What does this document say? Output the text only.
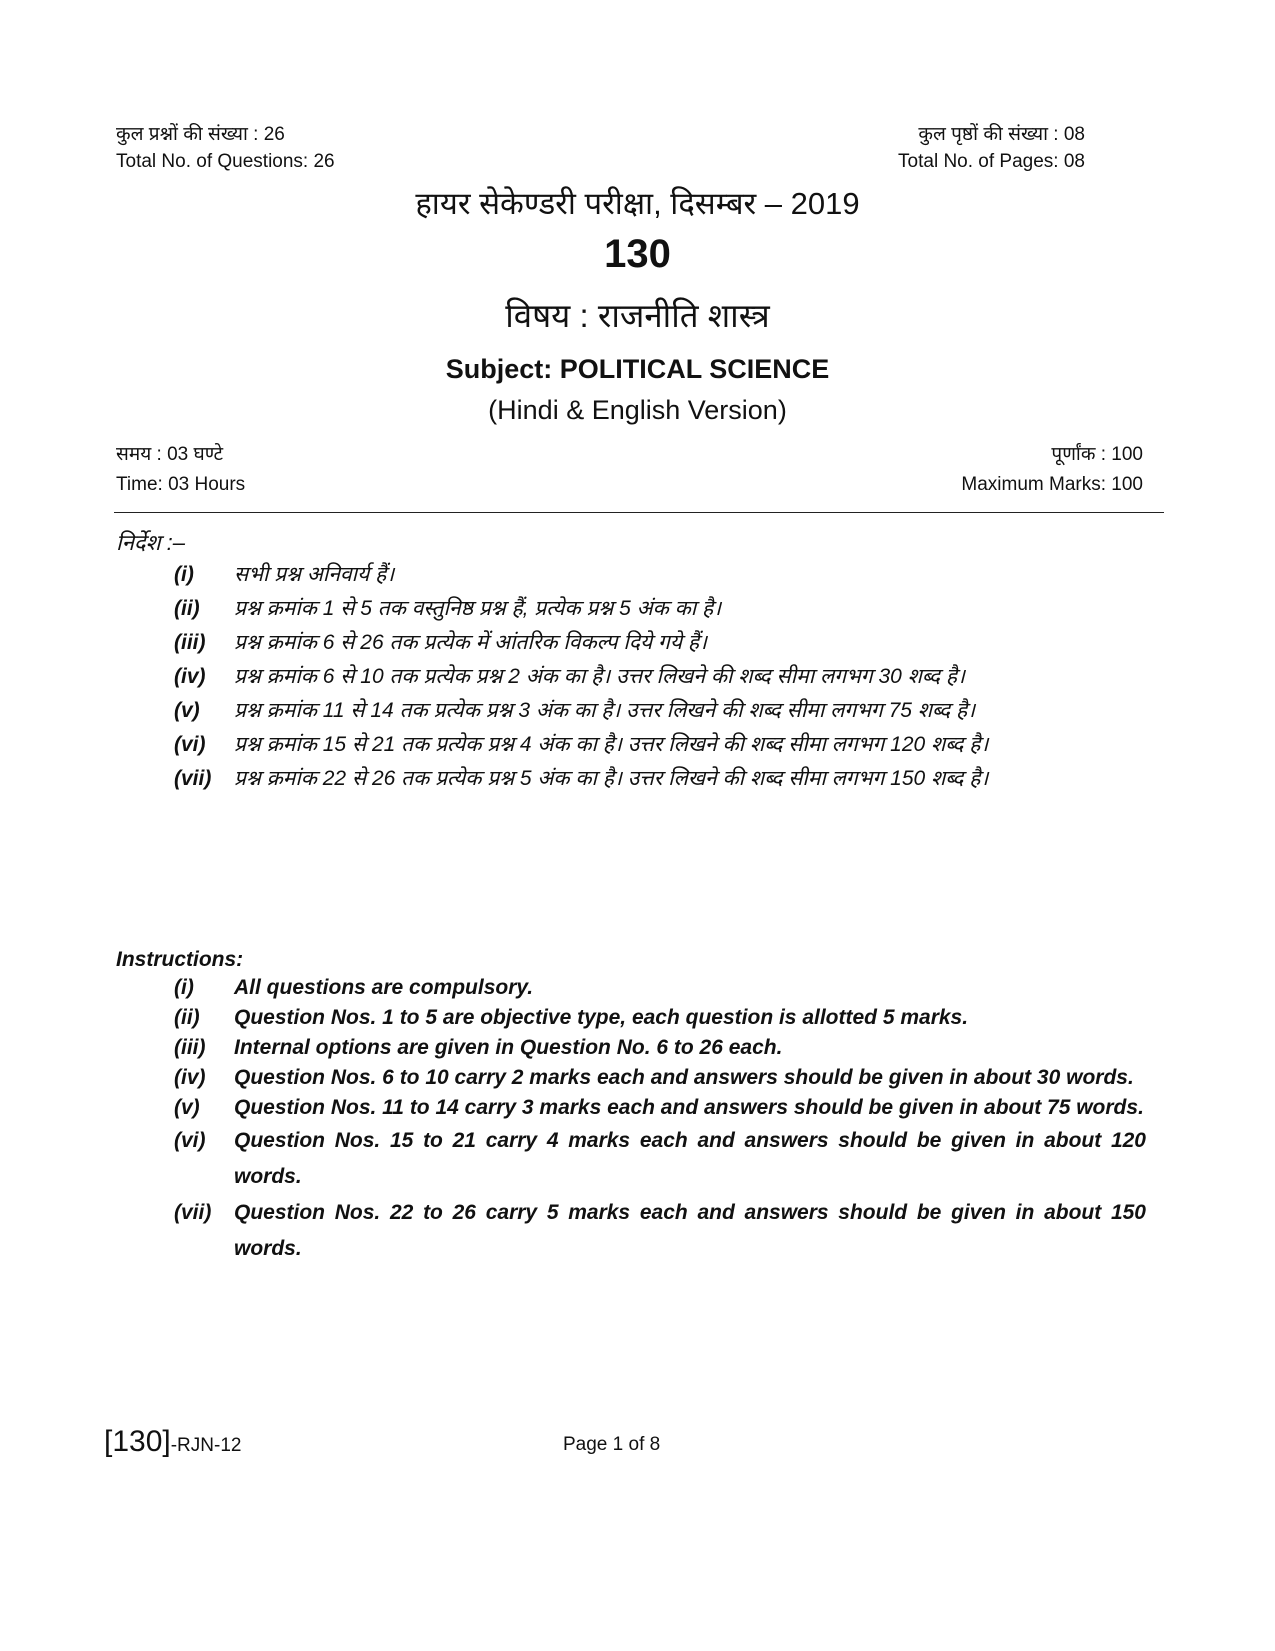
कुल प्रश्नों की संख्या : 26
Total No. of Questions: 26
कुल पृष्ठों की संख्या : 08
Total No. of Pages: 08
हायर सेकेण्डरी परीक्षा, दिसम्बर – 2019
130
विषय : राजनीति शास्त्र
Subject: POLITICAL SCIENCE
(Hindi & English Version)
समय : 03 घण्टे
Time: 03 Hours
पूर्णांक : 100
Maximum Marks: 100
निर्देश :–
(i)	सभी प्रश्न अनिवार्य हैं।
(ii)	प्रश्न क्रमांक 1 से 5 तक वस्तुनिष्ठ प्रश्न हैं, प्रत्येक प्रश्न 5 अंक का है।
(iii)	प्रश्न क्रमांक 6 से 26 तक प्रत्येक में आंतरिक विकल्प दिये गये हैं।
(iv)	प्रश्न क्रमांक 6 से 10 तक प्रत्येक प्रश्न 2 अंक का है। उत्तर लिखने की शब्द सीमा लगभग 30 शब्द है।
(v)	प्रश्न क्रमांक 11 से 14 तक प्रत्येक प्रश्न 3 अंक का है। उत्तर लिखने की शब्द सीमा लगभग 75 शब्द है।
(vi)	प्रश्न क्रमांक 15 से 21 तक प्रत्येक प्रश्न 4 अंक का है। उत्तर लिखने की शब्द सीमा लगभग 120 शब्द है।
(vii)	प्रश्न क्रमांक 22 से 26 तक प्रत्येक प्रश्न 5 अंक का है। उत्तर लिखने की शब्द सीमा लगभग 150 शब्द है।
Instructions:
(i)	All questions are compulsory.
(ii)	Question Nos. 1 to 5 are objective type, each question is allotted 5 marks.
(iii)	Internal options are given in Question No. 6 to 26 each.
(iv)	Question Nos. 6 to 10 carry 2 marks each and answers should be given in about 30 words.
(v)	Question Nos. 11 to 14 carry 3 marks each and answers should be given in about 75 words.
(vi)	Question Nos. 15 to 21 carry 4 marks each and answers should be given in about 120 words.
(vii)	Question Nos. 22 to 26 carry 5 marks each and answers should be given in about 150 words.
[130]-RJN-12	Page 1 of 8
